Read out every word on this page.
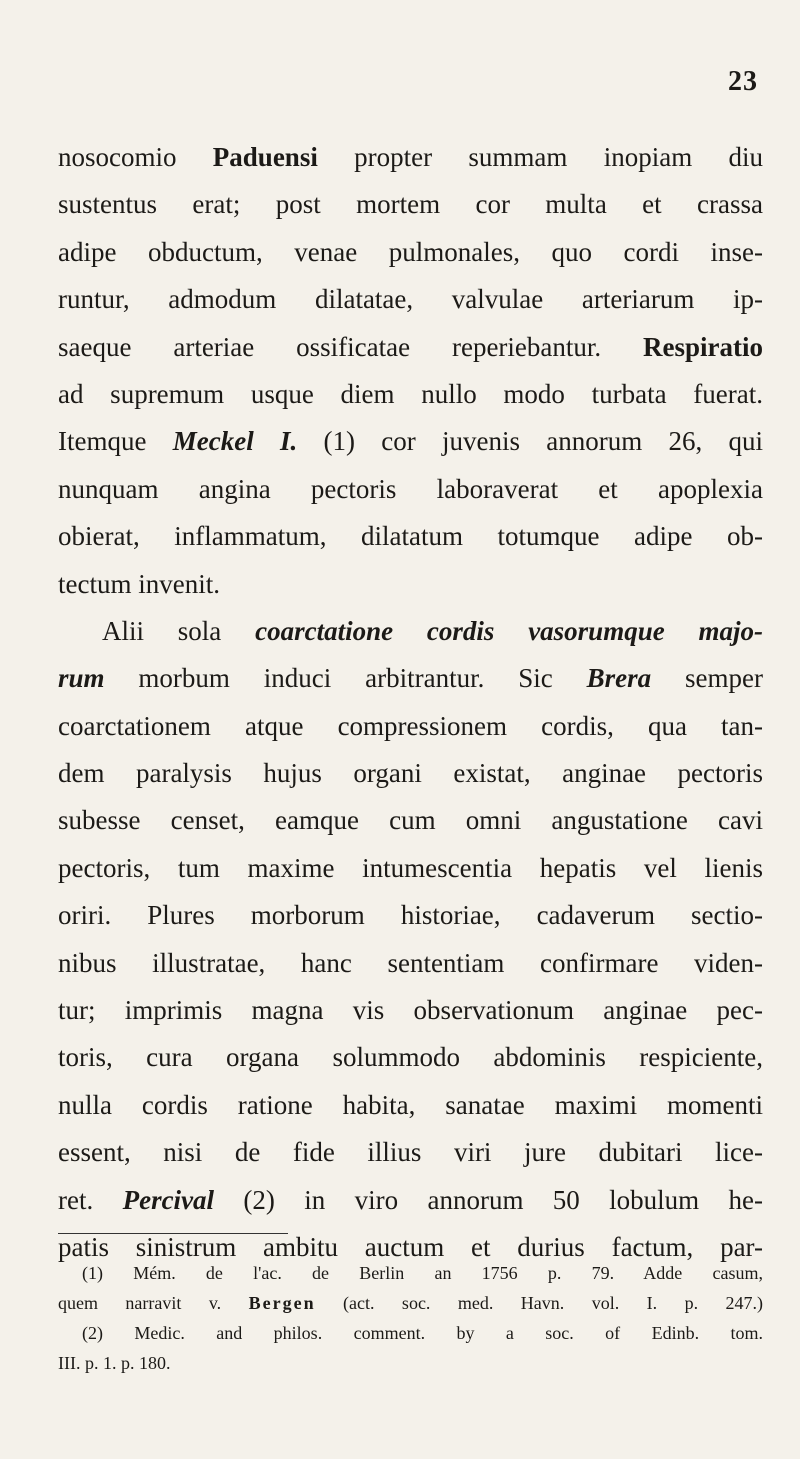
23
nosocomio Paduensi propter summam inopiam diu
sustentus erat; post mortem cor multa et crassa
adipe obductum, venae pulmonales, quo cordi inse-
runtur, admodum dilatatae, valvulae arteriarum ip-
saeque arteriae ossificatae reperiebantur. Respiratio
ad supremum usque diem nullo modo turbata fuerat.
Itemque Meckel I. (1) cor juvenis annorum 26, qui
nunquam angina pectoris laboraverat et apoplexia
obierat, inflammatum, dilatatum totumque adipe ob-
tectum invenit.
Alii sola coarctatione cordis vasorumque majo-
rum morbum induci arbitrantur. Sic Brera semper
coarctationem atque compressionem cordis, qua tan-
dem paralysis hujus organi existat, anginae pectoris
subesse censet, eamque cum omni angustatione cavi
pectoris, tum maxime intumescentia hepatis vel lienis
oriri. Plures morborum historiae, cadaverum sectio-
nibus illustratae, hanc sententiam confirmare viden-
tur; imprimis magna vis observationum anginae pec-
toris, cura organa solummodo abdominis respiciente,
nulla cordis ratione habita, sanatae maximi momenti
essent, nisi de fide illius viri jure dubitari lice-
ret. Percival (2) in viro annorum 50 lobulum he-
patis sinistrum ambitu auctum et durius factum, par-
(1) Mém. de l'ac. de Berlin an 1756 p. 79. Adde casum,
quem narravit v. Bergen (act. soc. med. Havn. vol. I. p. 247.)
(2) Medic. and philos. comment. by a soc. of Edinb. tom.
III. p. 1. p. 180.
